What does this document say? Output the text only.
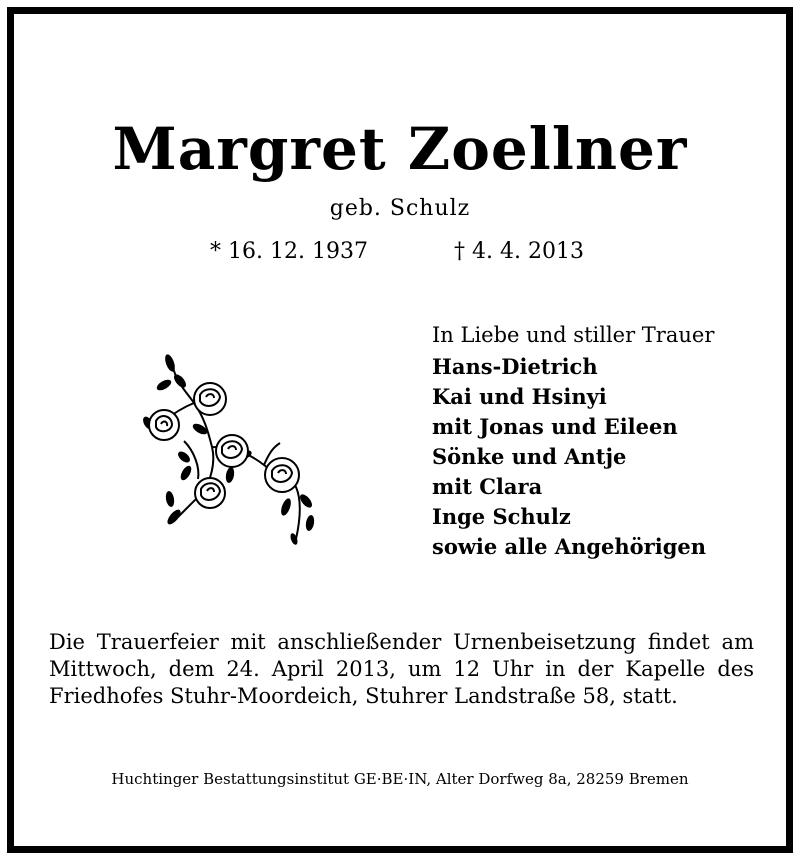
Margret Zoellner
geb. Schulz
* 16. 12. 1937	† 4. 4. 2013
In Liebe und stiller Trauer
Hans-Dietrich
Kai und Hsinyi
mit Jonas und Eileen
Sönke und Antje
mit Clara
Inge Schulz
sowie alle Angehörigen
Die Trauerfeier mit anschließender Urnenbeisetzung findet am Mittwoch, dem 24. April 2013, um 12 Uhr in der Kapelle des Friedhofes Stuhr-Moordeich, Stuhrer Landstraße 58, statt.
Huchtinger Bestattungsinstitut GE·BE·IN, Alter Dorfweg 8a, 28259 Bremen
